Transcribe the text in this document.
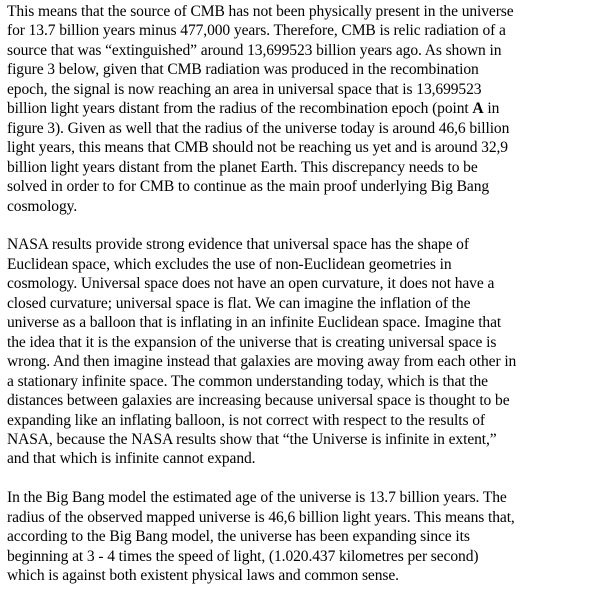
This means that the source of CMB has not been physically present in the universe
for 13.7 billion years minus 477,000 years. Therefore, CMB is relic radiation of a
source that was “extinguished” around 13,699523 billion years ago. As shown in
figure 3 below, given that CMB radiation was produced in the recombination
epoch, the signal is now reaching an area in universal space that is 13,699523
billion light years distant from the radius of the recombination epoch (point A in
figure 3). Given as well that the radius of the universe today is around 46,6 billion
light years, this means that CMB should not be reaching us yet and is around 32,9
billion light years distant from the planet Earth. This discrepancy needs to be
solved in order to for CMB to continue as the main proof underlying Big Bang
cosmology.
NASA results provide strong evidence that universal space has the shape of
Euclidean space, which excludes the use of non-Euclidean geometries in
cosmology. Universal space does not have an open curvature, it does not have a
closed curvature; universal space is flat. We can imagine the inflation of the
universe as a balloon that is inflating in an infinite Euclidean space. Imagine that
the idea that it is the expansion of the universe that is creating universal space is
wrong. And then imagine instead that galaxies are moving away from each other in
a stationary infinite space. The common understanding today, which is that the
distances between galaxies are increasing because universal space is thought to be
expanding like an inflating balloon, is not correct with respect to the results of
NASA, because the NASA results show that “the Universe is infinite in extent,”
and that which is infinite cannot expand.
In the Big Bang model the estimated age of the universe is 13.7 billion years. The
radius of the observed mapped universe is 46,6 billion light years. This means that,
according to the Big Bang model, the universe has been expanding since its
beginning at 3 - 4 times the speed of light, (1.020.437 kilometres per second)
which is against both existent physical laws and common sense.
